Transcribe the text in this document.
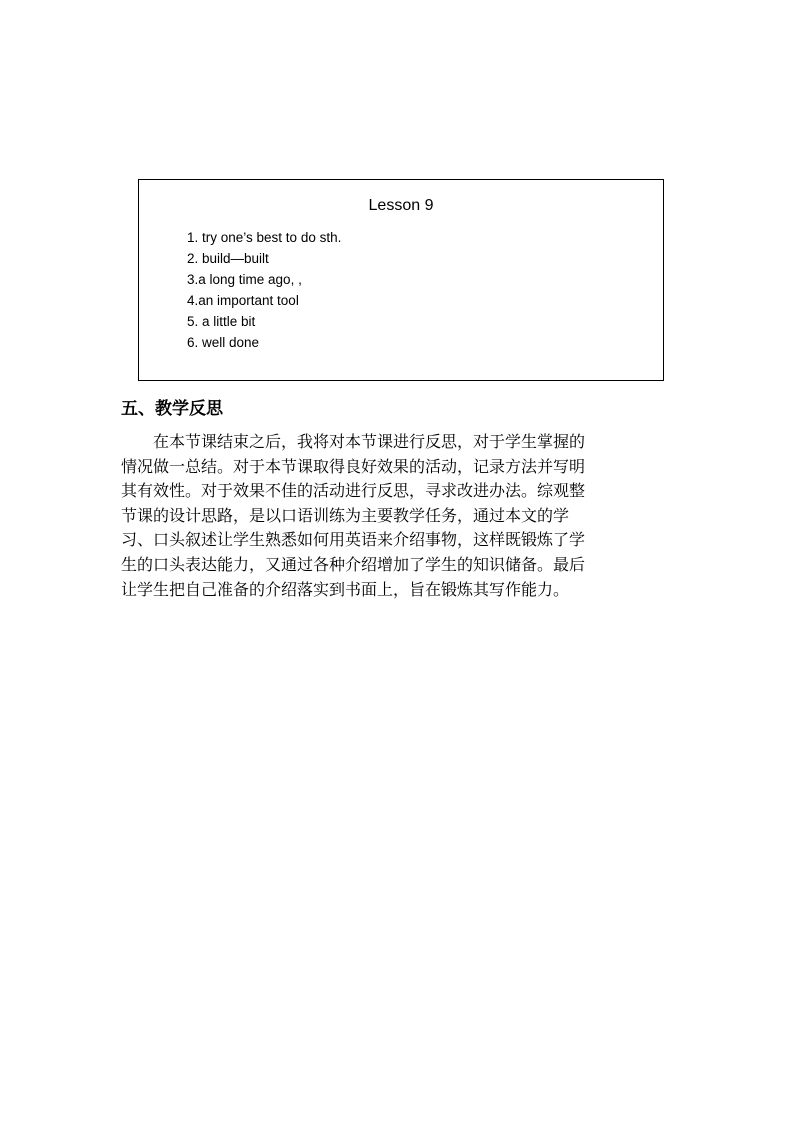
Lesson 9
1. try one’s best to do sth.
2. build—built
3.a long time ago, ,
4.an important tool
5. a little bit
6. well done
五、教学反思

　　在本节课结束之后，我将对本节课进行反思，对于学生掌握的
情况做一总结。对于本节课取得良好效果的活动，记录方法并写明
其有效性。对于效果不佳的活动进行反思，寻求改进办法。综观整
节课的设计思路，是以口语训练为主要教学任务，通过本文的学
习、口头叙述让学生熟悉如何用英语来介绍事物，这样既锻炼了学
生的口头表达能力，又通过各种介绍增加了学生的知识储备。最后
让学生把自己准备的介绍落实到书面上，旨在锻炼其写作能力。
